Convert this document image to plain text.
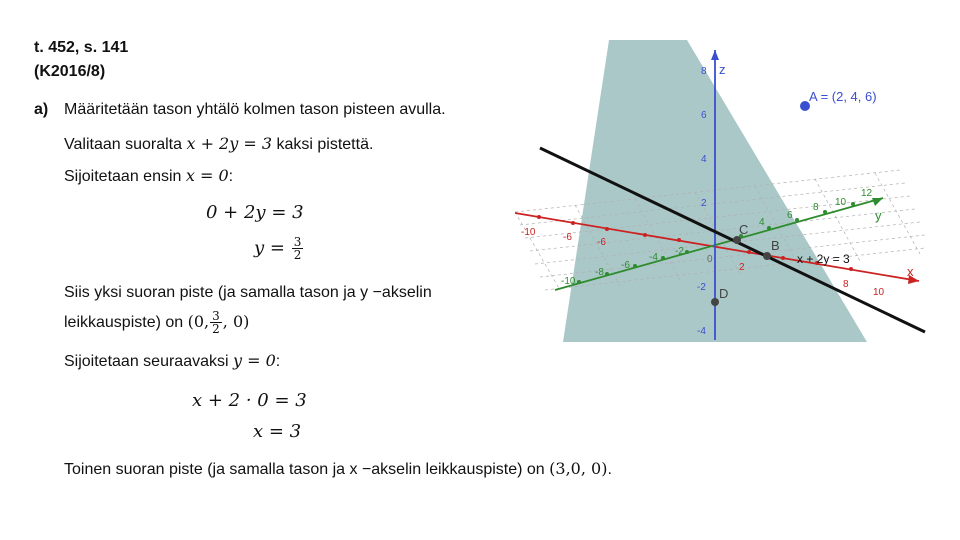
t. 452, s. 141
(K2016/8)
a) Määritetään tason yhtälö kolmen tason pisteen avulla.
Valitaan suoralta x + 2y = 3 kaksi pistettä.
Sijoitetaan ensin x = 0:
0 + 2y = 3
$y = \frac{3}{2}$
Siis yksi suoran piste (ja samalla tason ja y −akselin
leikkauspiste) on (0, $\frac{3}{2}$ , 0)
Sijoitetaan seuraavaksi y = 0:
x + 2 · 0 = 3
x = 3
Toinen suoran piste (ja samalla tason ja x −akselin leikkauspiste) on (3,0, 0).
-10	-6	-6
2
8
10
0
-10
-8
-6
-4
-2
4
6
8 10
12
8
6
4
2
-2
-4
z
y
x
C
B
D
A = (2, 4, 6)
x + 2y = 3
